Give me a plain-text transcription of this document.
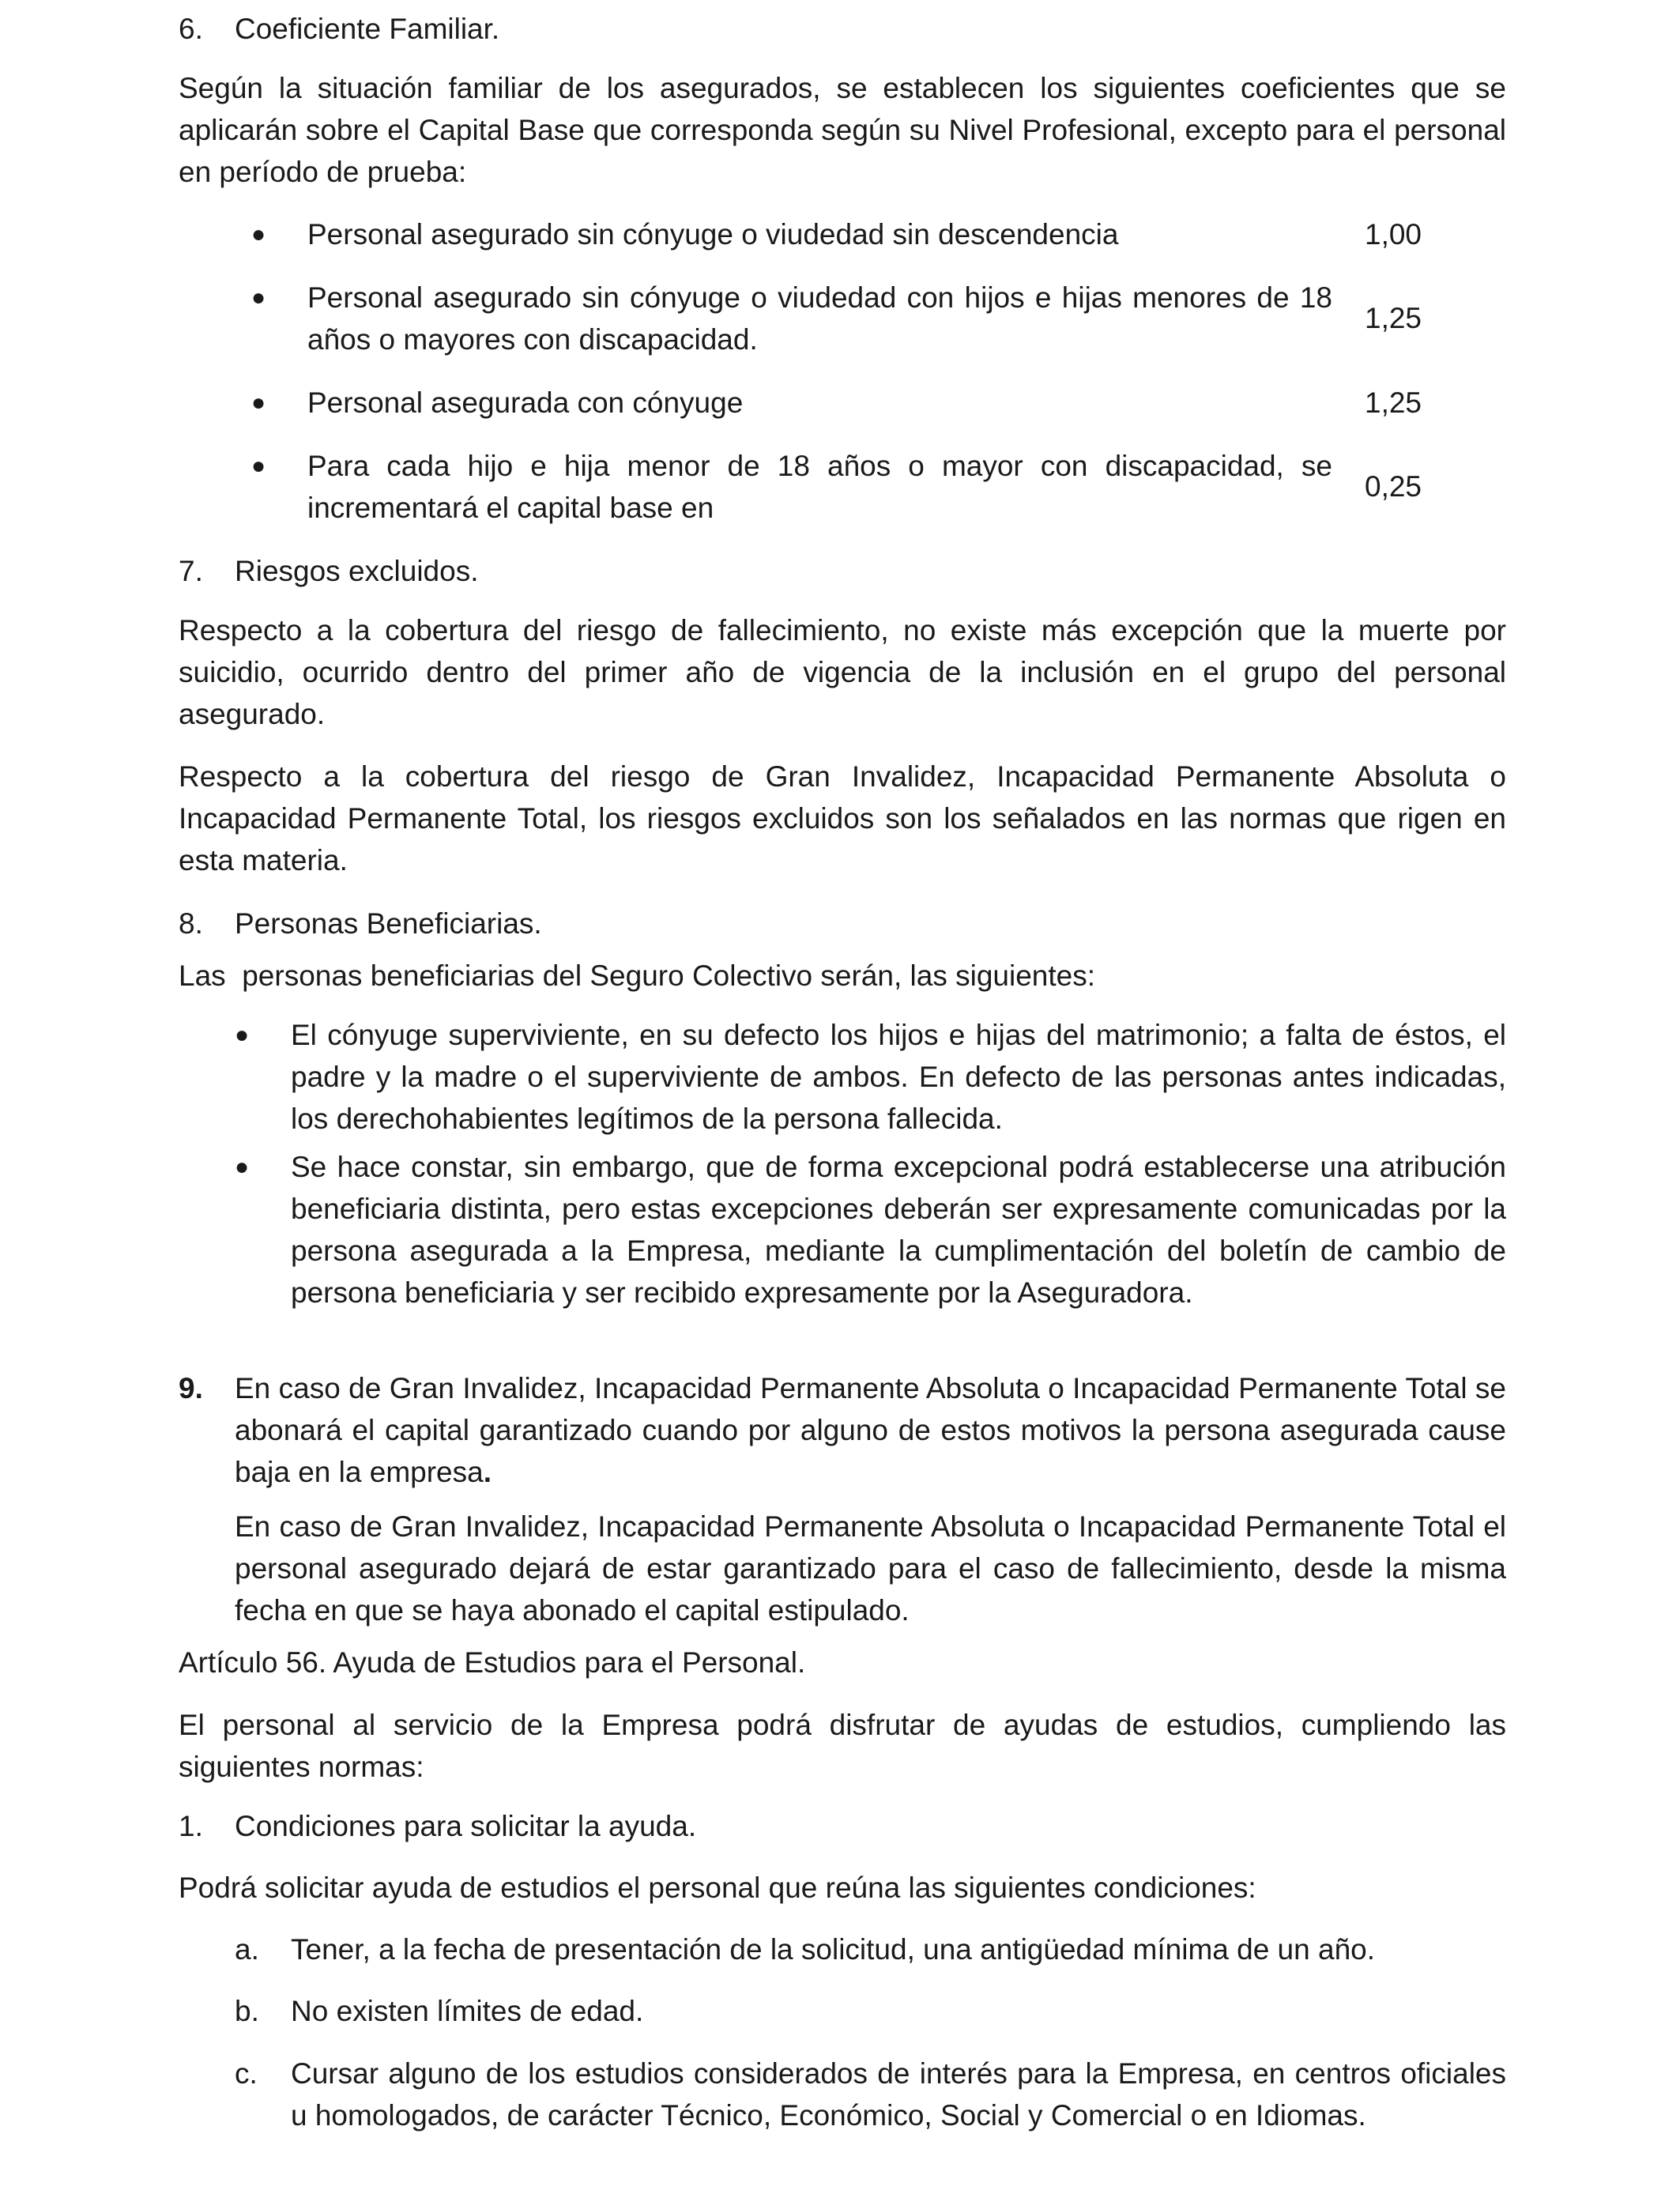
6. Coeficiente Familiar.

Según la situación familiar de los asegurados, se establecen los siguientes coeficientes que se aplicarán sobre el Capital Base que corresponda según su Nivel Profesional, excepto para el personal en período de prueba:

● Personal asegurado sin cónyuge o viudedad sin descendencia	1,00
● Personal asegurado sin cónyuge o viudedad con hijos e hijas menores de 18 años o mayores con discapacidad.
1,25
● Personal asegurada con cónyuge	1,25
● Para cada hijo e hija menor de 18 años o mayor con discapacidad, se incrementará el capital base en
0,25
7. Riesgos excluidos.

Respecto a la cobertura del riesgo de fallecimiento, no existe más excepción que la muerte por suicidio, ocurrido dentro del primer año de vigencia de la inclusión en el grupo del personal asegurado.

Respecto a la cobertura del riesgo de Gran Invalidez, Incapacidad Permanente Absoluta o Incapacidad Permanente Total, los riesgos excluidos son los señalados en las normas que rigen en esta materia.

8. Personas Beneficiarias.

Las  personas beneficiarias del Seguro Colectivo serán, las siguientes:

● El cónyuge superviviente, en su defecto los hijos e hijas del matrimonio; a falta de éstos, el padre y la madre o el superviviente de ambos. En defecto de las personas antes indicadas, los derechohabientes legítimos de la persona fallecida.
● Se hace constar, sin embargo, que de forma excepcional podrá establecerse una atribución beneficiaria distinta, pero estas excepciones deberán ser expresamente comunicadas por la persona asegurada a la Empresa, mediante la cumplimentación del boletín de cambio de persona beneficiaria y ser recibido expresamente por la Aseguradora.
9. En caso de Gran Invalidez, Incapacidad Permanente Absoluta o Incapacidad Permanente Total se abonará el capital garantizado cuando por alguno de estos motivos la persona asegurada cause baja en la empresa.
En caso de Gran Invalidez, Incapacidad Permanente Absoluta o Incapacidad Permanente Total el personal asegurado dejará de estar garantizado para el caso de fallecimiento, desde la misma fecha en que se haya abonado el capital estipulado.

Artículo 56. Ayuda de Estudios para el Personal.

El personal al servicio de la Empresa podrá disfrutar de ayudas de estudios, cumpliendo las siguientes normas:

1. Condiciones para solicitar la ayuda.

Podrá solicitar ayuda de estudios el personal que reúna las siguientes condiciones:

a. Tener, a la fecha de presentación de la solicitud, una antigüedad mínima de un año.
b. No existen límites de edad.
c. Cursar alguno de los estudios considerados de interés para la Empresa, en centros oficiales u homologados, de carácter Técnico, Económico, Social y Comercial o en Idiomas.
